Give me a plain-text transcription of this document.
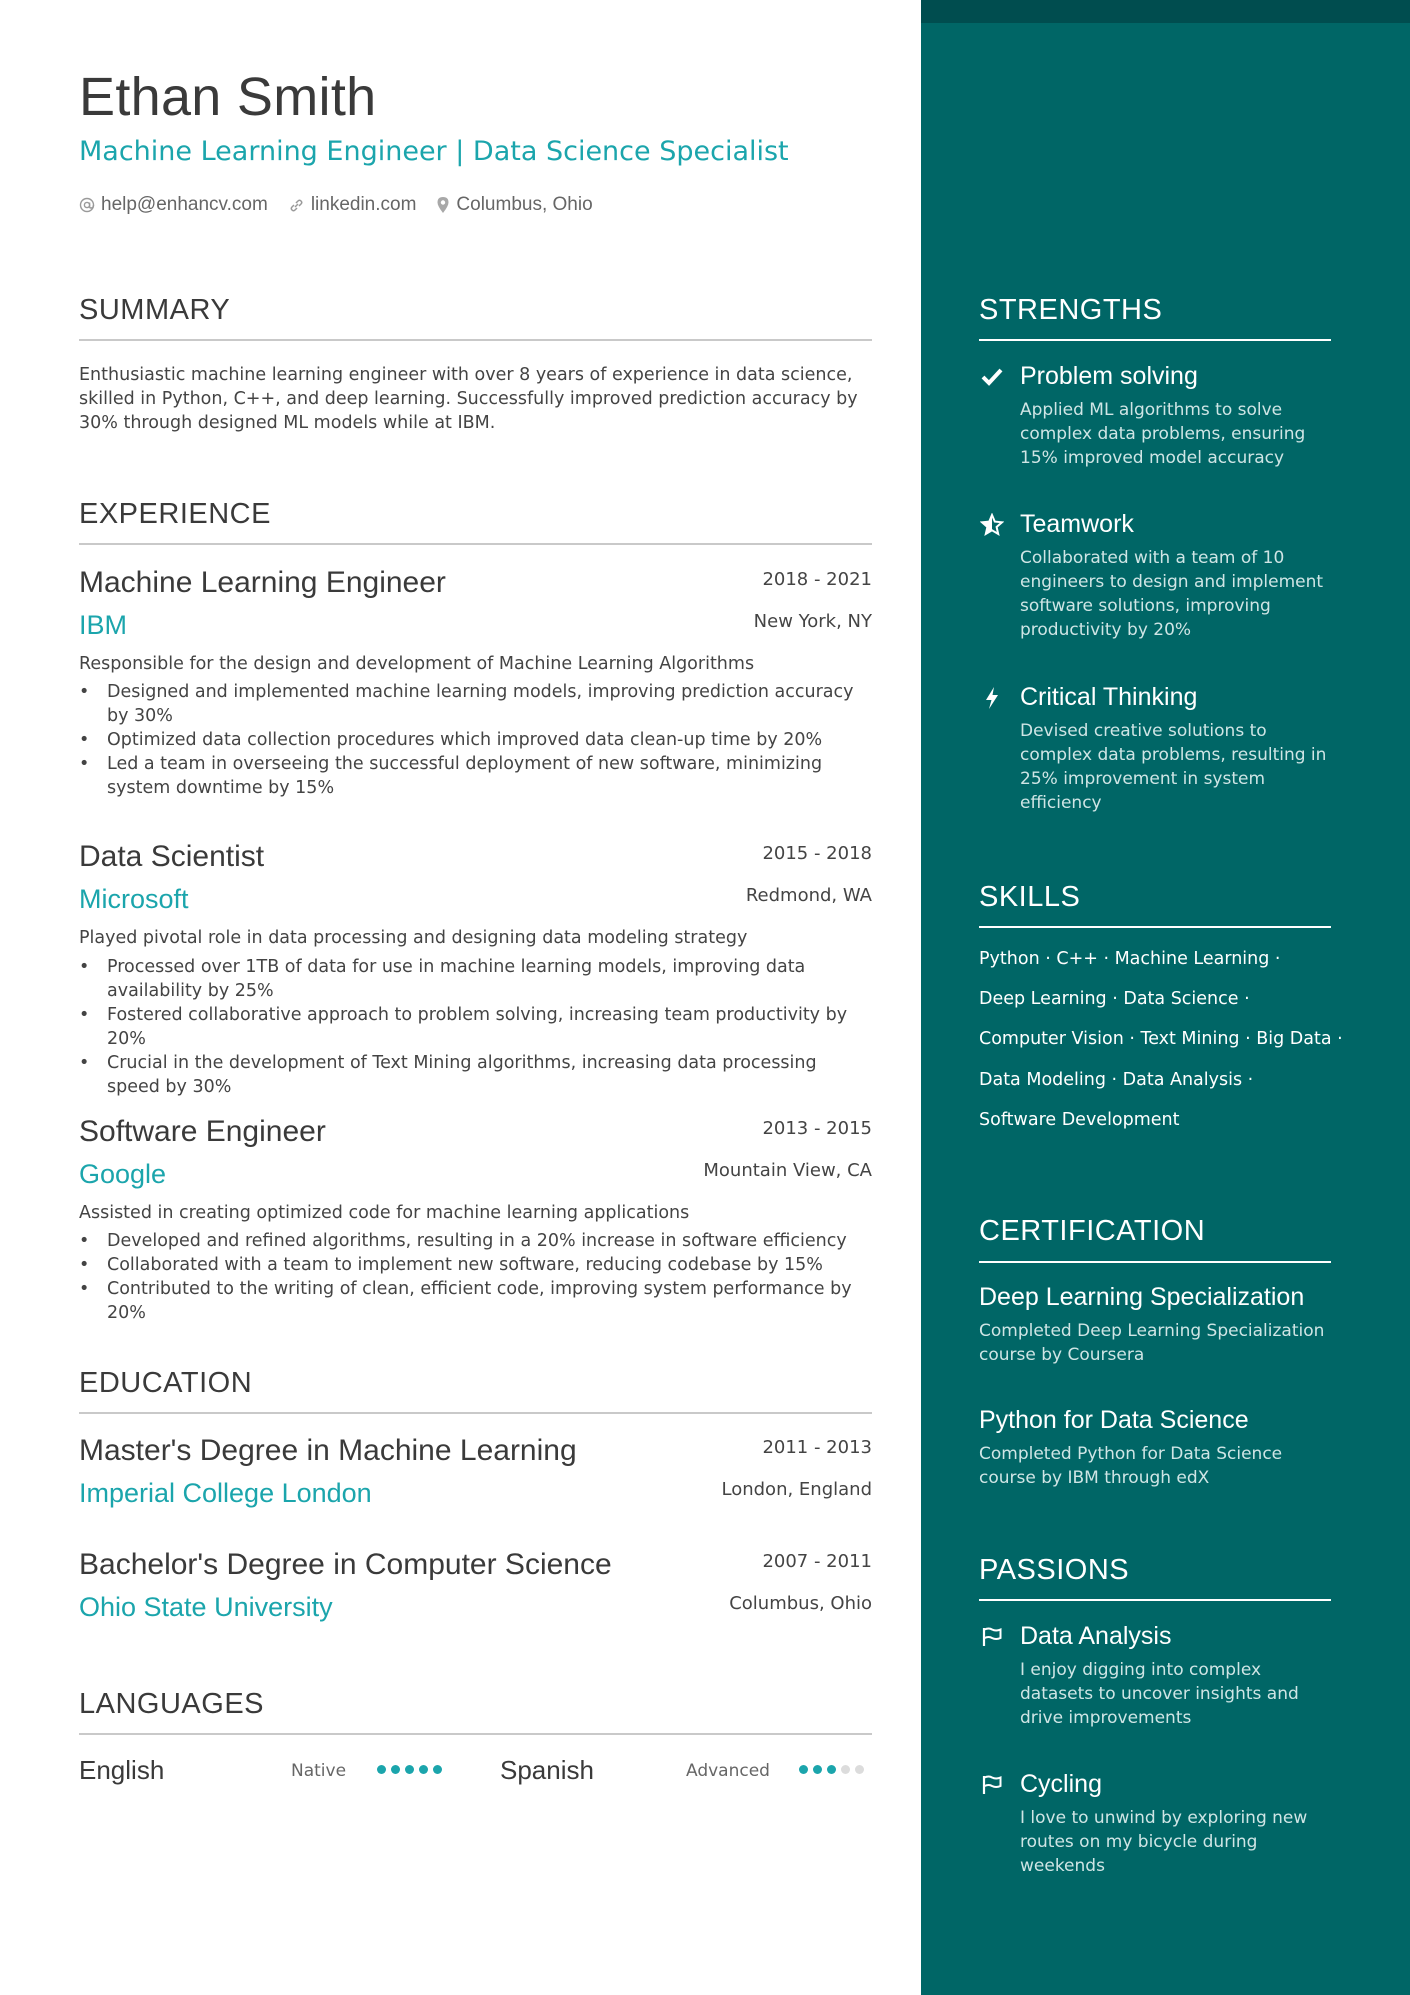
Ethan Smith
Machine Learning Engineer | Data Science Specialist
help@enhancv.com linkedin.com Columbus, Ohio
SUMMARY
Enthusiastic machine learning engineer with over 8 years of experience in data science, skilled in Python, C++, and deep learning. Successfully improved prediction accuracy by 30% through designed ML models while at IBM.
EXPERIENCE
Machine Learning Engineer	2018 - 2021
IBM	New York, NY
Responsible for the design and development of Machine Learning Algorithms
• Designed and implemented machine learning models, improving prediction accuracy by 30%
• Optimized data collection procedures which improved data clean-up time by 20%
• Led a team in overseeing the successful deployment of new software, minimizing system downtime by 15%
Data Scientist	2015 - 2018
Microsoft	Redmond, WA
Played pivotal role in data processing and designing data modeling strategy
• Processed over 1TB of data for use in machine learning models, improving data availability by 25%
• Fostered collaborative approach to problem solving, increasing team productivity by 20%
• Crucial in the development of Text Mining algorithms, increasing data processing speed by 30%
Software Engineer	2013 - 2015
Google	Mountain View, CA
Assisted in creating optimized code for machine learning applications
• Developed and refined algorithms, resulting in a 20% increase in software efficiency
• Collaborated with a team to implement new software, reducing codebase by 15%
• Contributed to the writing of clean, efficient code, improving system performance by 20%
EDUCATION
Master's Degree in Machine Learning	2011 - 2013
Imperial College London	London, England
Bachelor's Degree in Computer Science	2007 - 2011
Ohio State University	Columbus, Ohio
LANGUAGES
English	Native	Spanish	Advanced
STRENGTHS
Problem solving
Applied ML algorithms to solve complex data problems, ensuring 15% improved model accuracy
Teamwork
Collaborated with a team of 10 engineers to design and implement software solutions, improving productivity by 20%
Critical Thinking
Devised creative solutions to complex data problems, resulting in 25% improvement in system efficiency
SKILLS
Python · C++ · Machine Learning ·
Deep Learning · Data Science ·
Computer Vision · Text Mining · Big Data ·
Data Modeling · Data Analysis ·
Software Development
CERTIFICATION
Deep Learning Specialization
Completed Deep Learning Specialization course by Coursera
Python for Data Science
Completed Python for Data Science course by IBM through edX
PASSIONS
Data Analysis
I enjoy digging into complex datasets to uncover insights and drive improvements
Cycling
I love to unwind by exploring new routes on my bicycle during weekends
